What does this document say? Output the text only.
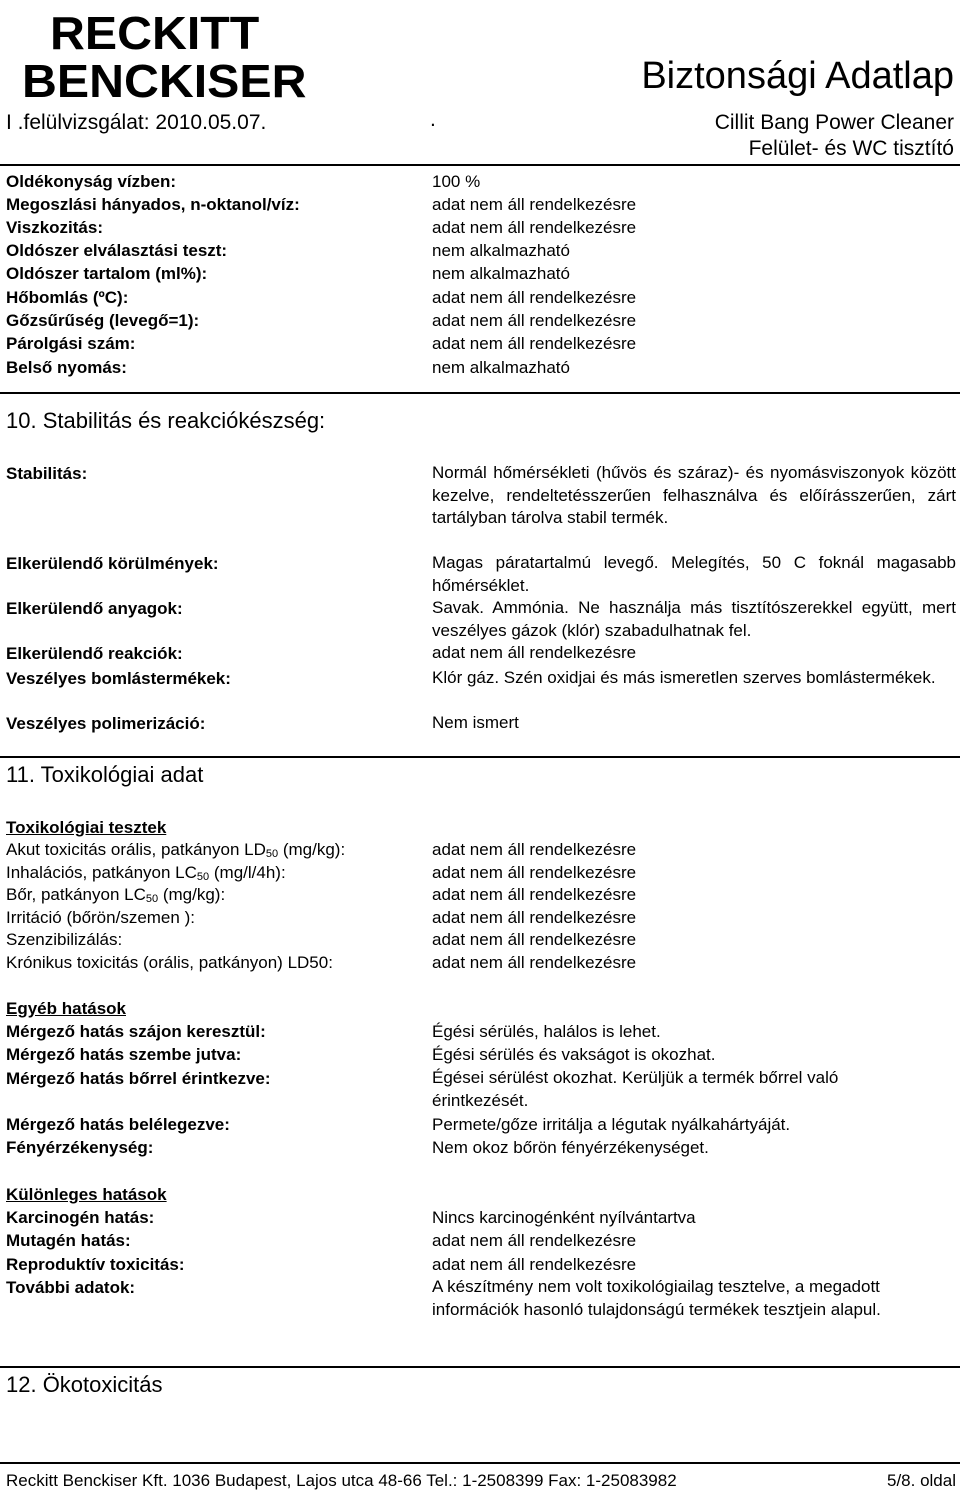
RECKITT
BENCKISER	Biztonsági Adatlap
I .felülvizsgálat: 2010.05.07.	.	Cillit Bang Power Cleaner
Felület- és WC tisztító
Oldékonyság vízben:	100 %
Megoszlási hányados, n-oktanol/víz:	adat nem áll rendelkezésre
Viszkozitás:	adat nem áll rendelkezésre
Oldószer elválasztási teszt:	nem alkalmazható
Oldószer tartalom (ml%):	nem alkalmazható
Hőbomlás (ºC):	adat nem áll rendelkezésre
Gőzsűrűség (levegő=1):	adat nem áll rendelkezésre
Párolgási szám:	adat nem áll rendelkezésre
Belső nyomás:	nem alkalmazható
10. Stabilitás és reakciókészség:
Stabilitás:	Normál hőmérsékleti (hűvös és száraz)- és nyomásviszonyok között kezelve, rendeltetésszerűen felhasználva és előírásszerűen, zárt tartályban tárolva stabil termék.
Elkerülendő körülmények:	Magas páratartalmú levegő. Melegítés, 50 C foknál magasabb hőmérséklet.
Elkerülendő anyagok:	Savak. Ammónia. Ne használja más tisztítószerekkel együtt, mert veszélyes gázok (klór) szabadulhatnak fel.
Elkerülendő reakciók:	adat nem áll rendelkezésre
Veszélyes bomlástermékek:	Klór gáz. Szén oxidjai és más ismeretlen szerves bomlástermékek.
Veszélyes polimerizáció:	Nem ismert
11. Toxikológiai adat
Toxikológiai tesztek
Akut toxicitás orális, patkányon $LD_{50}$ (mg/kg):	adat nem áll rendelkezésre
Inhalációs, patkányon $LC_{50}$ (mg/l/4h):	adat nem áll rendelkezésre
Bőr, patkányon $LC_{50}$ (mg/kg):	adat nem áll rendelkezésre
Irritáció (bőrön/szemen ):	adat nem áll rendelkezésre
Szenzibilizálás:	adat nem áll rendelkezésre
Krónikus toxicitás (orális, patkányon) LD50:	adat nem áll rendelkezésre
Egyéb hatások
Mérgező hatás szájon keresztül:	Égési sérülés, halálos is lehet.
Mérgező hatás szembe jutva:	Égési sérülés és vakságot is okozhat.
Mérgező hatás bőrrel érintkezve:	Égései sérülést okozhat. Kerüljük a termék bőrrel való érintkezését.
Mérgező hatás belélegezve:	Permete/gőze irritálja a légutak nyálkahártyáját.
Fényérzékenység:	Nem okoz bőrön fényérzékenységet.
Különleges hatások
Karcinogén hatás:	Nincs karcinogénként nyílvántartva
Mutagén hatás:	adat nem áll rendelkezésre
Reproduktív toxicitás:	adat nem áll rendelkezésre
További adatok:	A készítmény nem volt toxikológiailag tesztelve, a megadott információk hasonló tulajdonságú termékek tesztjein alapul.
12. Ökotoxicitás
Reckitt Benckiser Kft. 1036 Budapest, Lajos utca 48-66 Tel.: 1-2508399 Fax: 1-25083982	5/8. oldal
